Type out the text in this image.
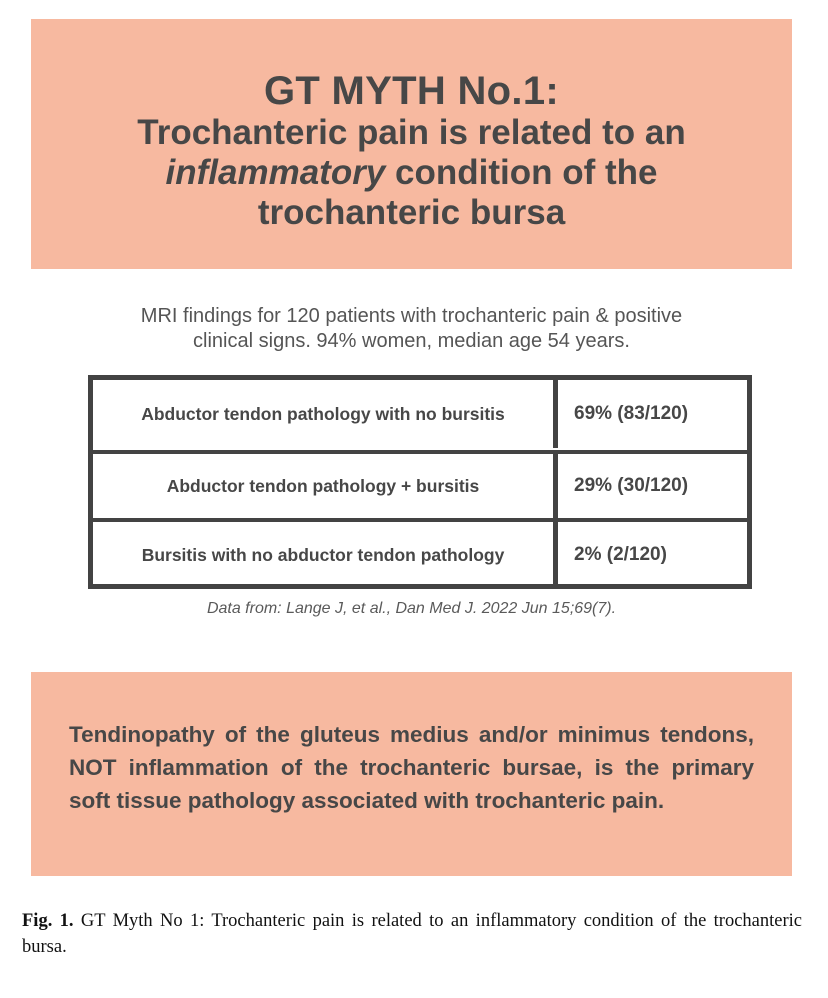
GT MYTH No.1:
Trochanteric pain is related to an
inflammatory condition of the
trochanteric bursa
MRI findings for 120 patients with trochanteric pain & positive
clinical signs. 94% women, median age 54 years.
Abductor tendon pathology with no bursitis	69% (83/120)
Abductor tendon pathology + bursitis	29% (30/120)
Bursitis with no abductor tendon pathology	2% (2/120)
Data from: Lange J, et al., Dan Med J. 2022 Jun 15;69(7).
Tendinopathy of the gluteus medius and/or minimus tendons, NOT inflammation of the trochanteric bursae, is the primary soft tissue pathology associated with trochanteric pain.
Fig. 1. GT Myth No 1: Trochanteric pain is related to an inflammatory condition of the trochanteric bursa.
